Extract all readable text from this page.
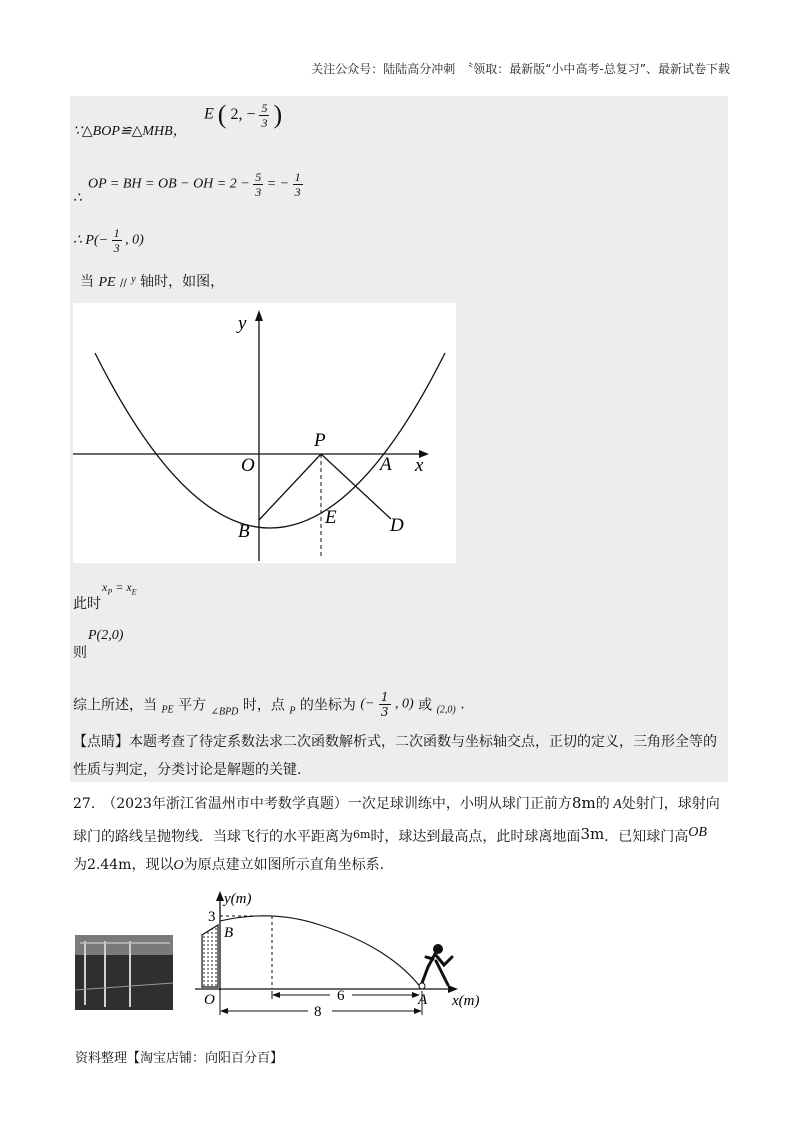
关注公众号：陆陆高分冲刺　〝领取：最新版“小中高考-总复习”、最新试卷下载
∵△BOP≌△MHB，
E ( 2, − $\frac{5}{3}$ )
∴
OP = BH = OB − OH = $2 - \frac{5}{3}$ = − $\frac{1}{3}$
∴ $P(- \frac{1}{3}$ , 0)
当 PE // $^y$ 轴时，如图，
y
x
O
P
A
B
E	D
此时
$x_P = x_E$
则
P(2,0)
综上所述，当 $_{PE}$ 平方 $_{\angle BPD}$ 时，点 $_P$ 的坐标为 (− $\frac{1}{3}$ , 0) 或 $_{(2,0)}$ .
【点睛】本题考查了待定系数法求二次函数解析式，二次函数与坐标轴交点，正切的定义，三角形全等的
性质与判定，分类讨论是解题的关键.
27.　（2023年浙江省温州市中考数学真题）一次足球训练中，小明从球门正前方8m的 A处射门，球射向
球门的路线呈抛物线．当球飞行的水平距离为$^{6m}$时，球达到最高点，此时球离地面3m．已知球门高OB
为2.44m，现以O为原点建立如图所示直角坐标系.
y(m)
x(m)
3
B
O	A
6
8
资料整理【淘宝店铺：向阳百分百】
